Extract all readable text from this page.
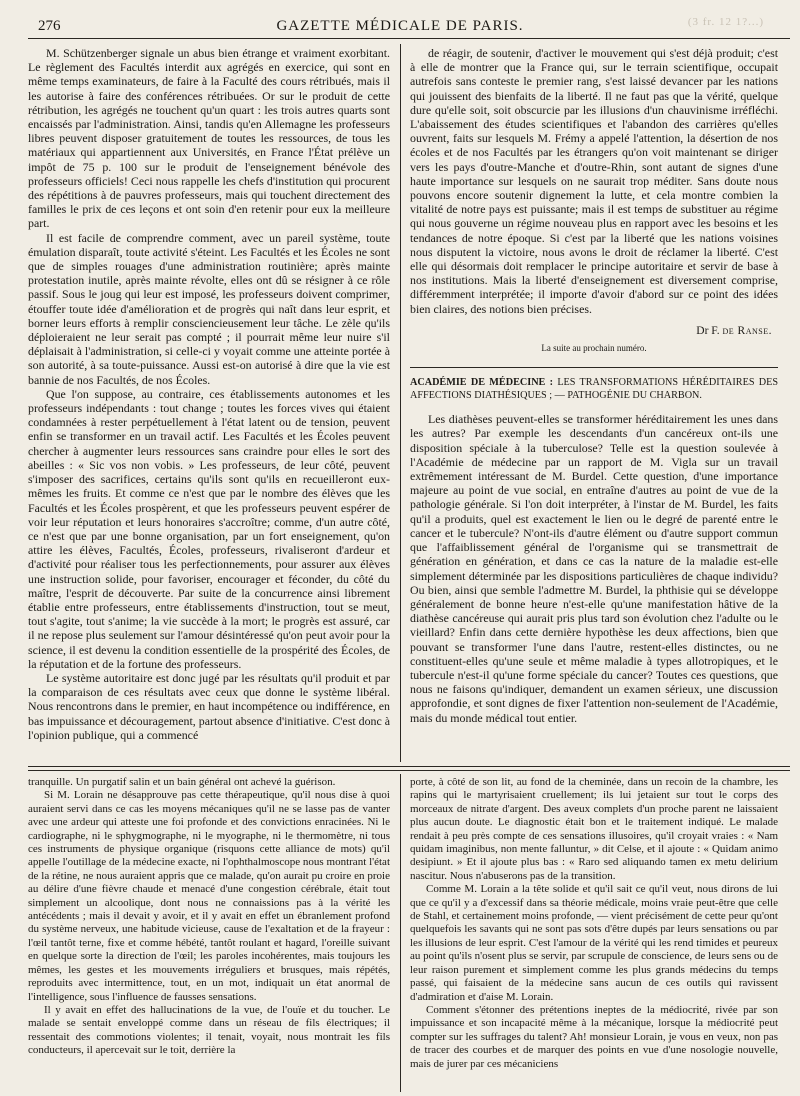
276	GAZETTE MÉDICALE DE PARIS.	(3 fr. 12 1?...)

M. Schützenberger signale un abus bien étrange et vraiment exorbitant. Le règlement des Facultés interdit aux agrégés en exercice, qui sont en même temps examinateurs, de faire à la Faculté des cours rétribués, mais il les autorise à faire des conférences rétribuées. Or sur le produit de cette rétribution, les agrégés ne touchent qu'un quart : les trois autres quarts sont encaissés par l'administration. Ainsi, tandis qu'en Allemagne les professeurs libres peuvent disposer gratuitement de toutes les ressources, de tous les matériaux qui appartiennent aux Universités, en France l'État prélève un impôt de 75 p. 100 sur le produit de l'enseignement bénévole des professeurs officiels! Ceci nous rappelle les chefs d'institution qui procurent des répétitions à de pauvres professeurs, mais qui touchent directement des familles le prix de ces leçons et ont soin d'en retenir pour eux la meilleure part.

Il est facile de comprendre comment, avec un pareil système, toute émulation disparaît, toute activité s'éteint. Les Facultés et les Écoles ne sont que de simples rouages d'une administration routinière; après mainte protestation inutile, après mainte révolte, elles ont dû se résigner à ce rôle passif. Sous le joug qui leur est imposé, les professeurs doivent comprimer, étouffer toute idée d'amélioration et de progrès qui naît dans leur esprit, et borner leurs efforts à remplir consciencieusement leur tâche. Le zèle qu'ils déploieraient ne leur serait pas compté ; il pourrait même leur nuire s'il déplaisait à l'administration, si celle-ci y voyait comme une atteinte portée à son autorité, à sa toute-puissance. Aussi est-on autorisé à dire que la vie est bannie de nos Facultés, de nos Écoles.

Que l'on suppose, au contraire, ces établissements autonomes et les professeurs indépendants : tout change ; toutes les forces vives qui étaient condamnées à rester perpétuellement à l'état latent ou de tension, peuvent enfin se transformer en un travail actif. Les Facultés et les Écoles peuvent chercher à augmenter leurs ressources sans craindre pour elles le sort des abeilles : « Sic vos non vobis. » Les professeurs, de leur côté, peuvent s'imposer des sacrifices, certains qu'ils sont qu'ils en recueilleront eux-mêmes les fruits. Et comme ce n'est que par le nombre des élèves que les Facultés et les Écoles prospèrent, et que les professeurs peuvent espérer de voir leur réputation et leurs honoraires s'accroître; comme, d'un autre côté, ce n'est que par une bonne organisation, par un fort enseignement, qu'on attire les élèves, Facultés, Écoles, professeurs, rivaliseront d'ardeur et d'activité pour réaliser tous les perfectionnements, pour assurer aux élèves une instruction solide, pour favoriser, encourager et féconder, du côté du maître, l'esprit de découverte. Par suite de la concurrence ainsi librement établie entre professeurs, entre établissements d'instruction, tout se meut, tout s'agite, tout s'anime; la vie succède à la mort; le progrès est assuré, car il ne repose plus seulement sur l'amour désintéressé qu'on peut avoir pour la science, il est devenu la condition essentielle de la prospérité des Écoles, de la réputation et de la fortune des professeurs.

Le système autoritaire est donc jugé par les résultats qu'il produit et par la comparaison de ces résultats avec ceux que donne le système libéral. Nous rencontrons dans le premier, en haut incompétence ou indifférence, en bas impuissance et découragement, partout absence d'initiative. C'est donc à l'opinion publique, qui a commencé

de réagir, de soutenir, d'activer le mouvement qui s'est déjà produit; c'est à elle de montrer que la France qui, sur le terrain scientifique, occupait autrefois sans conteste le premier rang, s'est laissé devancer par les nations qui jouissent des bienfaits de la liberté. Il ne faut pas que la vérité, quelque dure qu'elle soit, soit obscurcie par les illusions d'un chauvinisme irréfléchi. L'abaissement des études scientifiques et l'abandon des carrières qu'elles ouvrent, faits sur lesquels M. Frémy a appelé l'attention, la désertion de nos écoles et de nos Facultés par les étrangers qu'on voit maintenant se diriger vers les pays d'outre-Manche et d'outre-Rhin, sont autant de signes d'une haute importance sur lesquels on ne saurait trop méditer. Sans doute nous pouvons encore soutenir dignement la lutte, et cela montre combien la vitalité de notre pays est puissante; mais il est temps de substituer au régime qui nous gouverne un régime nouveau plus en rapport avec les besoins et les tendances de notre époque. Si c'est par la liberté que les nations voisines nous disputent la victoire, nous avons le droit de réclamer la liberté. C'est elle qui désormais doit remplacer le principe autoritaire et servir de base à nos institutions. Mais la liberté d'enseignement est diversement comprise, différemment interprétée; il importe d'avoir d'abord sur ce point des idées bien claires, des notions bien précises.

Dr F. de Ranse.
La suite au prochain numéro.
ACADÉMIE DE MÉDECINE : LES TRANSFORMATIONS HÉRÉDITAIRES DES AFFECTIONS DIATHÉSIQUES ; — PATHOGÉNIE DU CHARBON.

Les diathèses peuvent-elles se transformer héréditairement les unes dans les autres? Par exemple les descendants d'un cancéreux ont-ils une disposition spéciale à la tuberculose? Telle est la question soulevée à l'Académie de médecine par un rapport de M. Vigla sur un travail extrêmement intéressant de M. Burdel. Cette question, d'une importance majeure au point de vue social, en entraîne d'autres au point de vue de la pathologie générale. Si l'on doit interpréter, à l'instar de M. Burdel, les faits qu'il a produits, quel est exactement le lien ou le degré de parenté entre le cancer et le tubercule? N'ont-ils d'autre élément ou d'autre support commun que l'affaiblissement général de l'organisme qui se transmettrait de génération en génération, et dans ce cas la nature de la maladie est-elle simplement déterminée par les dispositions particulières de chaque individu? Ou bien, ainsi que semble l'admettre M. Burdel, la phthisie qui se développe généralement de bonne heure n'est-elle qu'une manifestation hâtive de la diathèse cancéreuse qui aurait pris plus tard son évolution chez l'adulte ou le vieillard? Enfin dans cette dernière hypothèse les deux affections, bien que pouvant se transformer l'une dans l'autre, restent-elles distinctes, ou ne constituent-elles qu'une seule et même maladie à types allotropiques, et le tubercule n'est-il qu'une forme spéciale du cancer? Toutes ces questions, que nous ne faisons qu'indiquer, demandent un examen sérieux, une discussion approfondie, et sont dignes de fixer l'attention non-seulement de l'Académie, mais du monde médical tout entier.

tranquille. Un purgatif salin et un bain général ont achevé la guérison.

Si M. Lorain ne désapprouve pas cette thérapeutique, qu'il nous dise à quoi auraient servi dans ce cas les moyens mécaniques qu'il ne se lasse pas de vanter avec une ardeur qui atteste une foi profonde et des convictions enracinées. Ni le cardiographe, ni le sphygmographe, ni le myographe, ni le thermomètre, ni tous ces instruments de physique organique (risquons cette alliance de mots) qu'il appelle l'outillage de la médecine exacte, ni l'ophthalmoscope nous montrant l'état de la rétine, ne nous auraient appris que ce malade, qu'on aurait pu croire en proie au délire d'une fièvre chaude et menacé d'une congestion cérébrale, était tout simplement un alcoolique, dont nous ne connaissions pas à la vérité les antécédents ; mais il devait y avoir, et il y avait en effet un ébranlement profond du système nerveux, une habitude vicieuse, cause de l'exaltation et de la frayeur : l'œil tantôt terne, fixe et comme hébété, tantôt roulant et hagard, l'oreille suivant en quelque sorte la direction de l'œil; les paroles incohérentes, mais toujours les mêmes, les gestes et les mouvements irréguliers et brusques, mais répétés, reproduits avec intermittence, tout, en un mot, indiquait un état anormal de l'intelligence, sous l'influence de fausses sensations.

Il y avait en effet des hallucinations de la vue, de l'ouïe et du toucher. Le malade se sentait enveloppé comme dans un réseau de fils électriques; il ressentait des commotions violentes; il tenait, voyait, nous montrait les fils conducteurs, il apercevait sur le toit, derrière la

porte, à côté de son lit, au fond de la cheminée, dans un recoin de la chambre, les rapins qui le martyrisaient cruellement; ils lui jetaient sur tout le corps des morceaux de nitrate d'argent. Des aveux complets d'un proche parent ne laissaient plus aucun doute. Le diagnostic était bon et le traitement indiqué. Le malade rendait à peu près compte de ces sensations illusoires, qu'il croyait vraies : « Nam quidam imaginibus, non mente falluntur, » dit Celse, et il ajoute : « Quidam animo desipiunt. » Et il ajoute plus bas : « Raro sed aliquando tamen ex metu delirium nascitur. Nous n'abuserons pas de la transition.

Comme M. Lorain a la tête solide et qu'il sait ce qu'il veut, nous dirons de lui que ce qu'il y a d'excessif dans sa théorie médicale, moins vraie peut-être que celle de Stahl, et certainement moins profonde, — vient précisément de cette peur qu'ont quelquefois les savants qui ne sont pas sots d'être dupés par leurs sensations ou par les illusions de leur esprit. C'est l'amour de la vérité qui les rend timides et peureux au point qu'ils n'osent plus se servir, par scrupule de conscience, de leurs sens ou de leur raison purement et simplement comme les plus grands médecins du temps passé, qui faisaient de la médecine sans aucun de ces outils qui ravissent d'admiration et d'aise M. Lorain.

Comment s'étonner des prétentions ineptes de la médiocrité, rivée par son impuissance et son incapacité même à la mécanique, lorsque la médiocrité peut compter sur les suffrages du talent? Ah! monsieur Lorain, je vous en veux, non pas de tracer des courbes et de marquer des points en vue d'une nosologie nouvelle, mais de jurer par ces mécaniciens
